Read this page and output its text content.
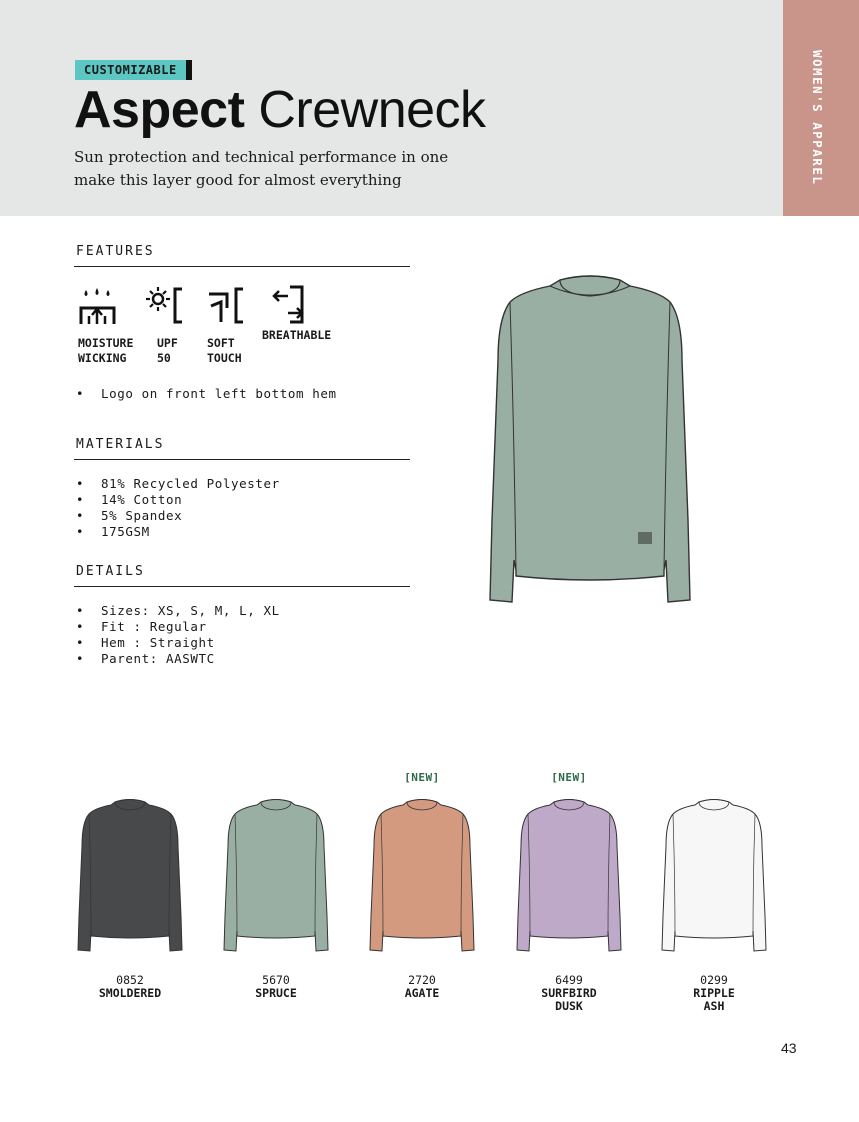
WOMEN'S APPAREL
CUSTOMIZABLE
Aspect Crewneck
Sun protection and technical performance in one
make this layer good for almost everything
FEATURES
MOISTURE
WICKING
UPF
50
SOFT
TOUCH
BREATHABLE
• Logo on front left bottom hem
MATERIALS
• 81% Recycled Polyester
• 14% Cotton
• 5% Spandex
• 175GSM
DETAILS
• Sizes: XS, S, M, L, XL
• Fit : Regular
• Hem : Straight
• Parent: AASWTC
0852
SMOLDERED
5670
SPRUCE
[NEW]
2720
AGATE
[NEW]
6499
SURFBIRD
DUSK
0299
RIPPLE
ASH
43
